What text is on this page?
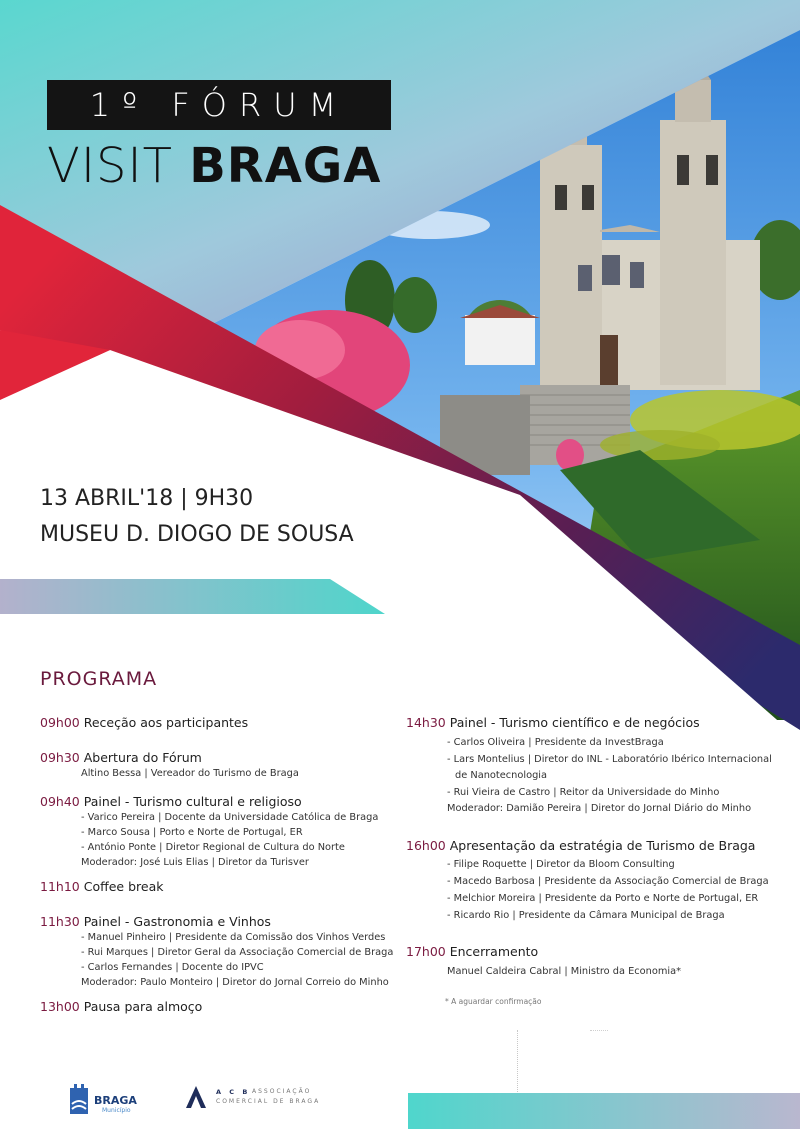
1º FÓRUM
VISIT BRAGA
13 ABRIL'18 | 9H30
MUSEU D. DIOGO DE SOUSA
PROGRAMA
09h00 Receção aos participantes
09h30 Abertura do Fórum
Altino Bessa | Vereador do Turismo de Braga
09h40 Painel - Turismo cultural e religioso
- Varico Pereira | Docente da Universidade Católica de Braga
- Marco Sousa | Porto e Norte de Portugal, ER
- António Ponte | Diretor Regional de Cultura do Norte
Moderador: José Luis Elias | Diretor da Turisver
11h10 Coffee break
11h30 Painel - Gastronomia e Vinhos
- Manuel Pinheiro | Presidente da Comissão dos Vinhos Verdes
- Rui Marques | Diretor Geral da Associação Comercial de Braga
- Carlos Fernandes | Docente do IPVC
Moderador: Paulo Monteiro | Diretor do Jornal Correio do Minho
13h00 Pausa para almoço
14h30 Painel - Turismo científico e de negócios
- Carlos Oliveira | Presidente da InvestBraga
- Lars Montelius | Diretor do INL - Laboratório Ibérico Internacional
de Nanotecnologia
- Rui Vieira de Castro | Reitor da Universidade do Minho
Moderador: Damião Pereira | Diretor do Jornal Diário do Minho
16h00 Apresentação da estratégia de Turismo de Braga
- Filipe Roquette | Diretor da Bloom Consulting
- Macedo Barbosa | Presidente da Associação Comercial de Braga
- Melchior Moreira | Presidente da Porto e Norte de Portugal, ER
- Ricardo Rio | Presidente da Câmara Municipal de Braga
17h00 Encerramento
Manuel Caldeira Cabral | Ministro da Economia*
* A aguardar confirmação
BRAGA
Município
A C B ASSOCIAÇÃO
COMERCIAL DE BRAGA
